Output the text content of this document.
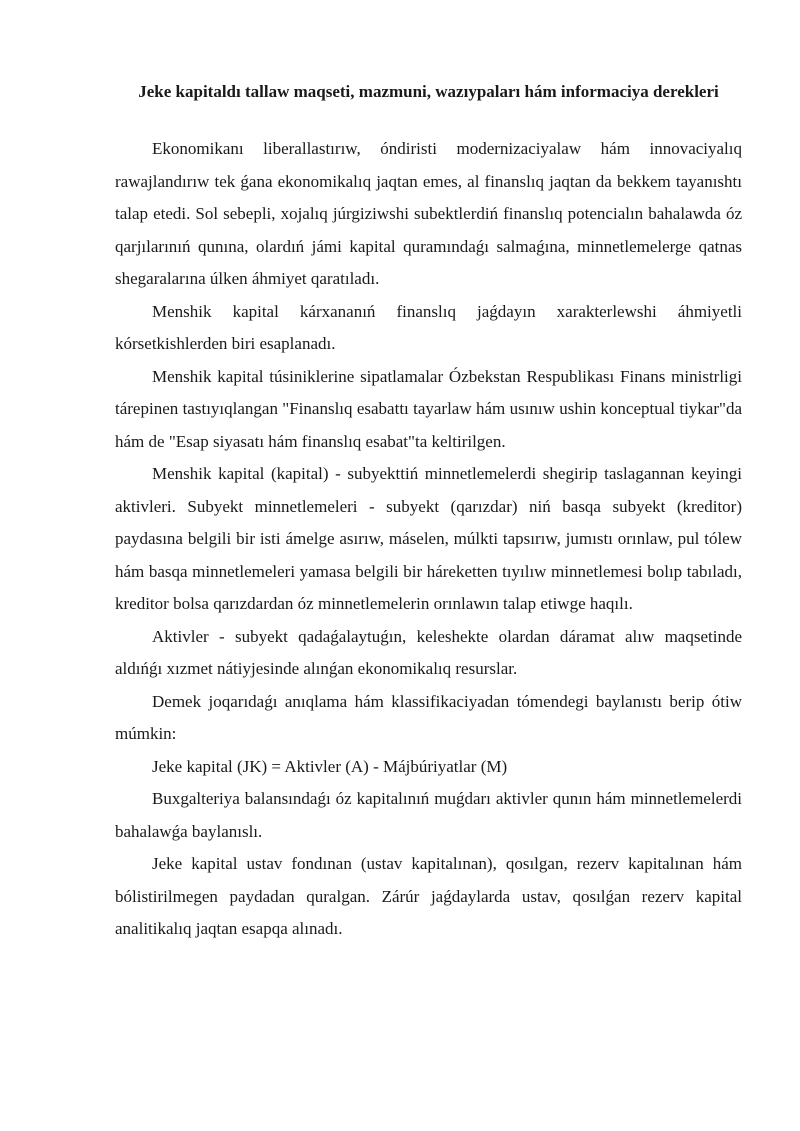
Jeke kapitaldı tallaw maqseti, mazmuni, wazıypaları hám informaciya derekleri

Ekonomikanı liberallastırıw, óndiristi modernizaciyalaw hám innovaciyalıq rawajlandırıw tek ǵana ekonomikalıq jaqtan emes, al finanslıq jaqtan da bekkem tayanıshtı talap etedi. Sol sebepli, xojalıq júrgiziwshi subektlerdiń finanslıq potencialın bahalawda óz qarjılarınıń qunına, olardıń jámi kapital quramındaǵı salmaǵına, minnetlemelerge qatnas shegaralarına úlken áhmiyet qaratıladı.

Menshik kapital kárxananıń finanslıq jaǵdayın xarakterlewshi áhmiyetli kórsetkishlerden biri esaplanadı.

Menshik kapital túsiniklerine sipatlamalar Ózbekstan Respublikası Finans ministrligi tárepinen tastıyıqlangan "Finanslıq esabattı tayarlaw hám usınıw ushin konceptual tiykar"da hám de "Esap siyasatı hám finanslıq esabat"ta keltirilgen.

Menshik kapital (kapital) - subyekttiń minnetlemelerdi shegirip taslagannan keyingi aktivleri. Subyekt minnetlemeleri - subyekt (qarızdar) niń basqa subyekt (kreditor) paydasına belgili bir isti ámelge asırıw, máselen, múlkti tapsırıw, jumıstı orınlaw, pul tólew hám basqa minnetlemeleri yamasa belgili bir háreketten tıyılıw minnetlemesi bolıp tabıladı, kreditor bolsa qarızdardan óz minnetlemelerin orınlawın talap etiwge haqılı.

Aktivler - subyekt qadaǵalaytuǵın, keleshekte olardan dáramat alıw maqsetinde aldıńǵı xızmet nátiyjesinde alınǵan ekonomikalıq resurslar.

Demek joqarıdaǵı anıqlama hám klassifikaciyadan tómendegi baylanıstı berip ótiw múmkin:

Jeke kapital (JK) = Aktivler (A) - Májbúriyatlar (M)

Buxgalteriya balansındaǵı óz kapitalınıń muǵdarı aktivler qunın hám minnetlemelerdi bahalawǵa baylanıslı.

Jeke kapital ustav fondınan (ustav kapitalınan), qosılgan, rezerv kapitalınan hám bólistirilmegen paydadan quralgan. Zárúr jaǵdaylarda ustav, qosılǵan rezerv kapital analitikalıq jaqtan esapqa alınadı.
